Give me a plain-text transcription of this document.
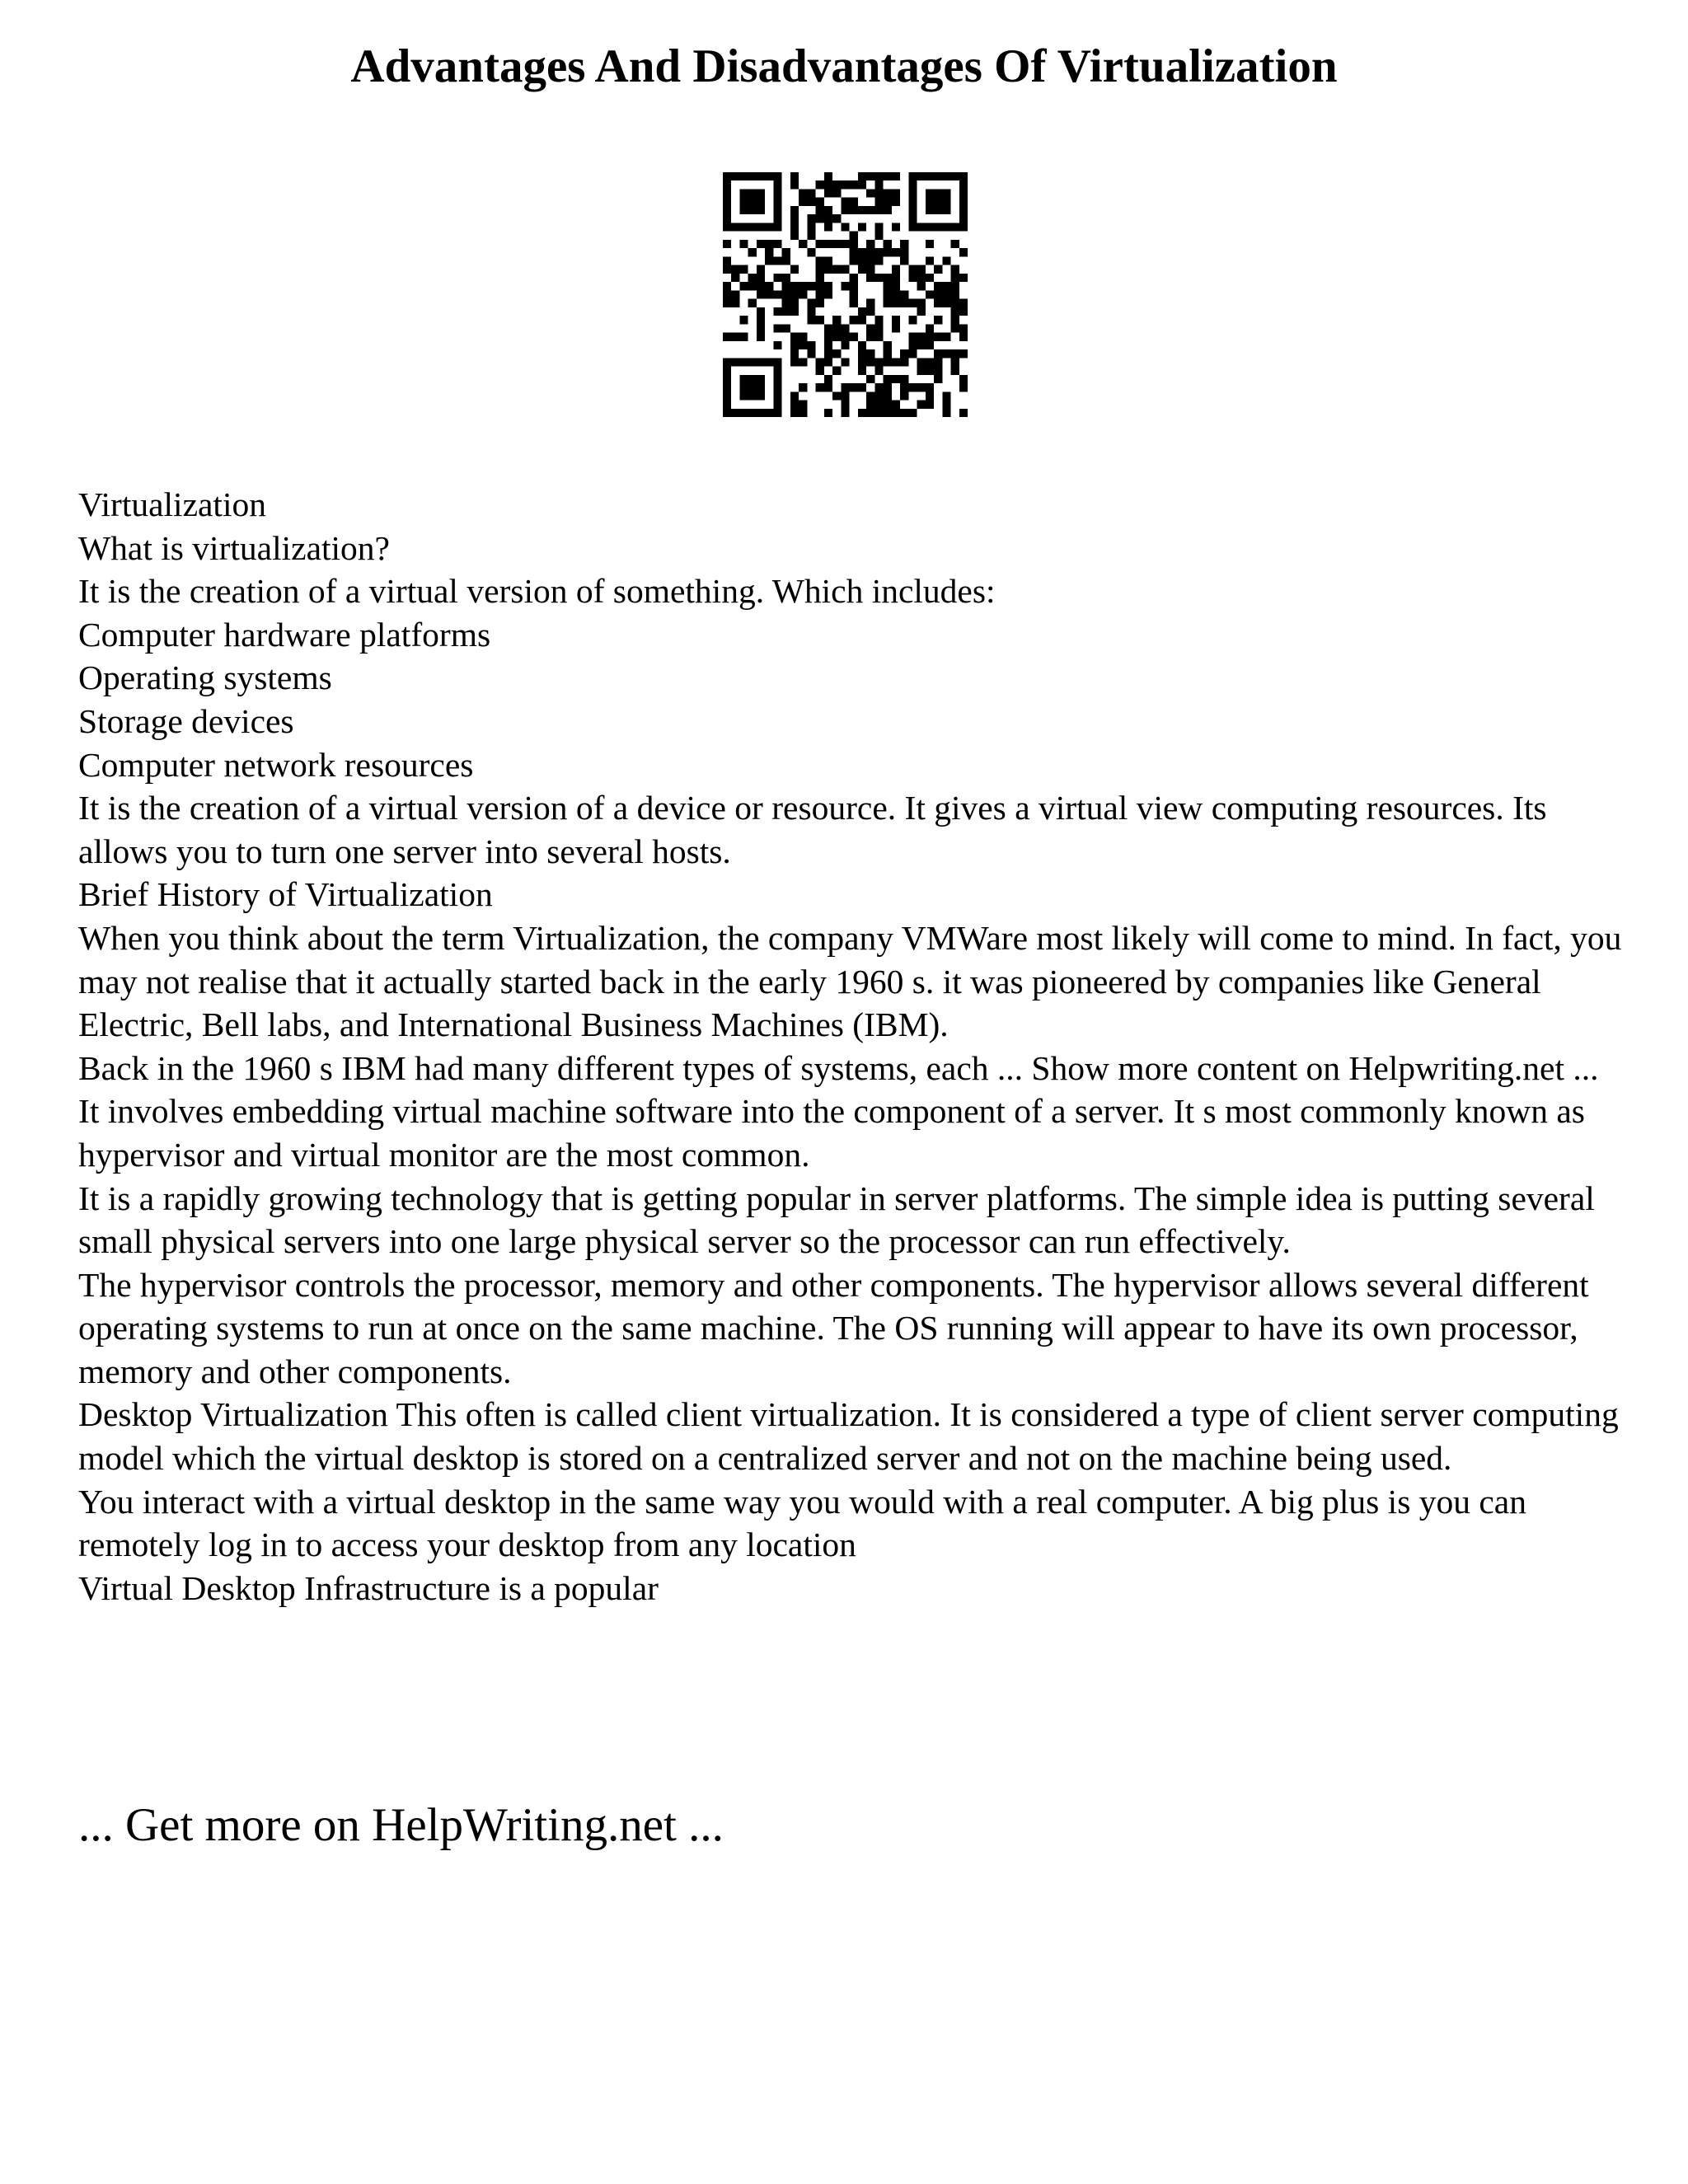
Advantages And Disadvantages Of Virtualization

Virtualization

What is virtualization?

It is the creation of a virtual version of something. Which includes:

Computer hardware platforms

Operating systems

Storage devices

Computer network resources

It is the creation of a virtual version of a device or resource. It gives a virtual view computing resources. Its allows you to turn one server into several hosts.

Brief History of Virtualization

When you think about the term Virtualization, the company VMWare most likely will come to mind. In fact, you may not realise that it actually started back in the early 1960 s. it was pioneered by companies like General Electric, Bell labs, and International Business Machines (IBM).

Back in the 1960 s IBM had many different types of systems, each ... Show more content on Helpwriting.net ...

It involves embedding virtual machine software into the component of a server. It s most commonly known as hypervisor and virtual monitor are the most common.

It is a rapidly growing technology that is getting popular in server platforms. The simple idea is putting several small physical servers into one large physical server so the processor can run effectively.

The hypervisor controls the processor, memory and other components. The hypervisor allows several different operating systems to run at once on the same machine. The OS running will appear to have its own processor, memory and other components.

Desktop Virtualization This often is called client virtualization. It is considered a type of client server computing model which the virtual desktop is stored on a centralized server and not on the machine being used.

You interact with a virtual desktop in the same way you would with a real computer. A big plus is you can remotely log in to access your desktop from any location

Virtual Desktop Infrastructure is a popular

... Get more on HelpWriting.net ...
